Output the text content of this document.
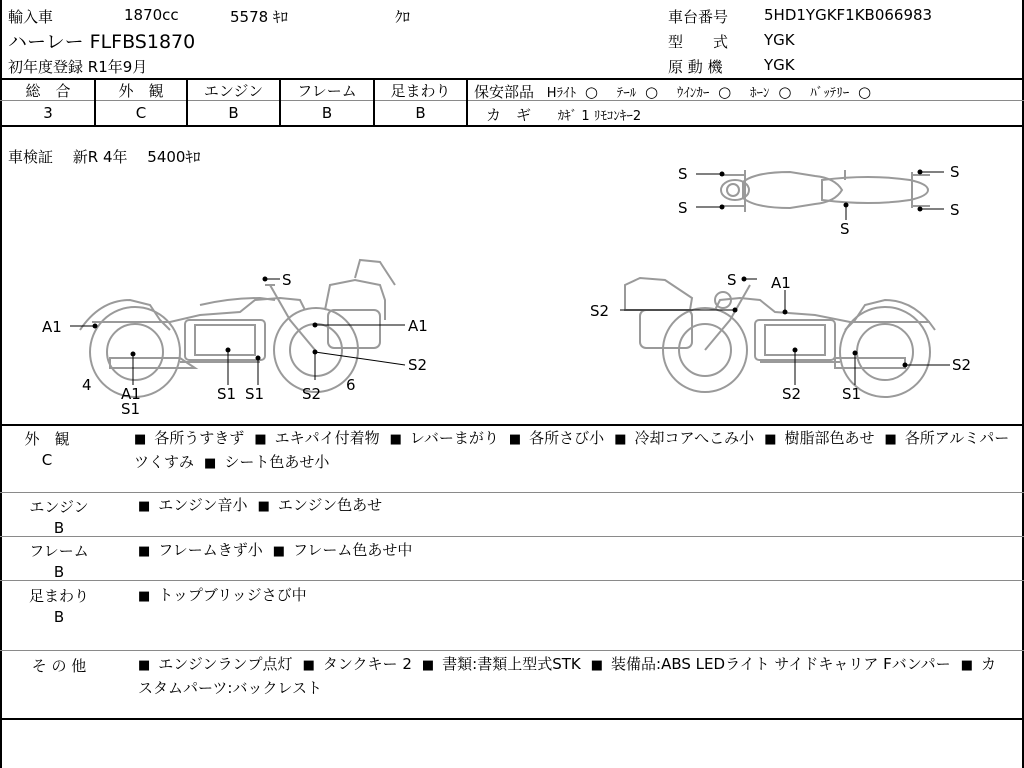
輸入車	1870cc	5578 ｷﾛ	ｸﾛ
ハーレー FLFBS1870
初年度登録 R1年9月
車台番号 5HD1YGKF1KB066983
型　　式 YGK
原 動 機	YGK
総　合
3
外　観
C
エンジン
B
フレーム
B
足まわり
B
保安部品 Hﾗｲﾄ ○ ﾃｰﾙ ○ ｳｲﾝｶｰ ○ ﾎｰﾝ ○ ﾊﾞｯﾃﾘｰ ○
カ　ギ ｶｷﾞ 1 ﾘﾓｺﾝｷｰ2
車検証　 新R 4年　 5400ｷﾛ
S
S
S
S
S
S
A1	A1
S2
4	6
A1
S1
S1 S1	S2
S A1
S2
S2
S2
S1
外　観
C
■ 各所うすきず ■ エキパイ付着物 ■ レバーまがり ■ 各所さび小 ■ 冷却コアへこみ小 ■ 樹脂部色あせ ■ 各所アルミパーツくすみ ■ シート色あせ小
エンジン
B
■ エンジン音小 ■ エンジン色あせ
フレーム
B
■ フレームきず小 ■ フレーム色あせ中
足まわり
B
■ トップブリッジさび中
そ の 他	■ エンジンランプ点灯 ■ タンクキー 2 ■ 書類:書類上型式STK ■ 装備品:ABS LEDライト サイドキャリア Fバンパー ■ カスタムパーツ:バックレスト
